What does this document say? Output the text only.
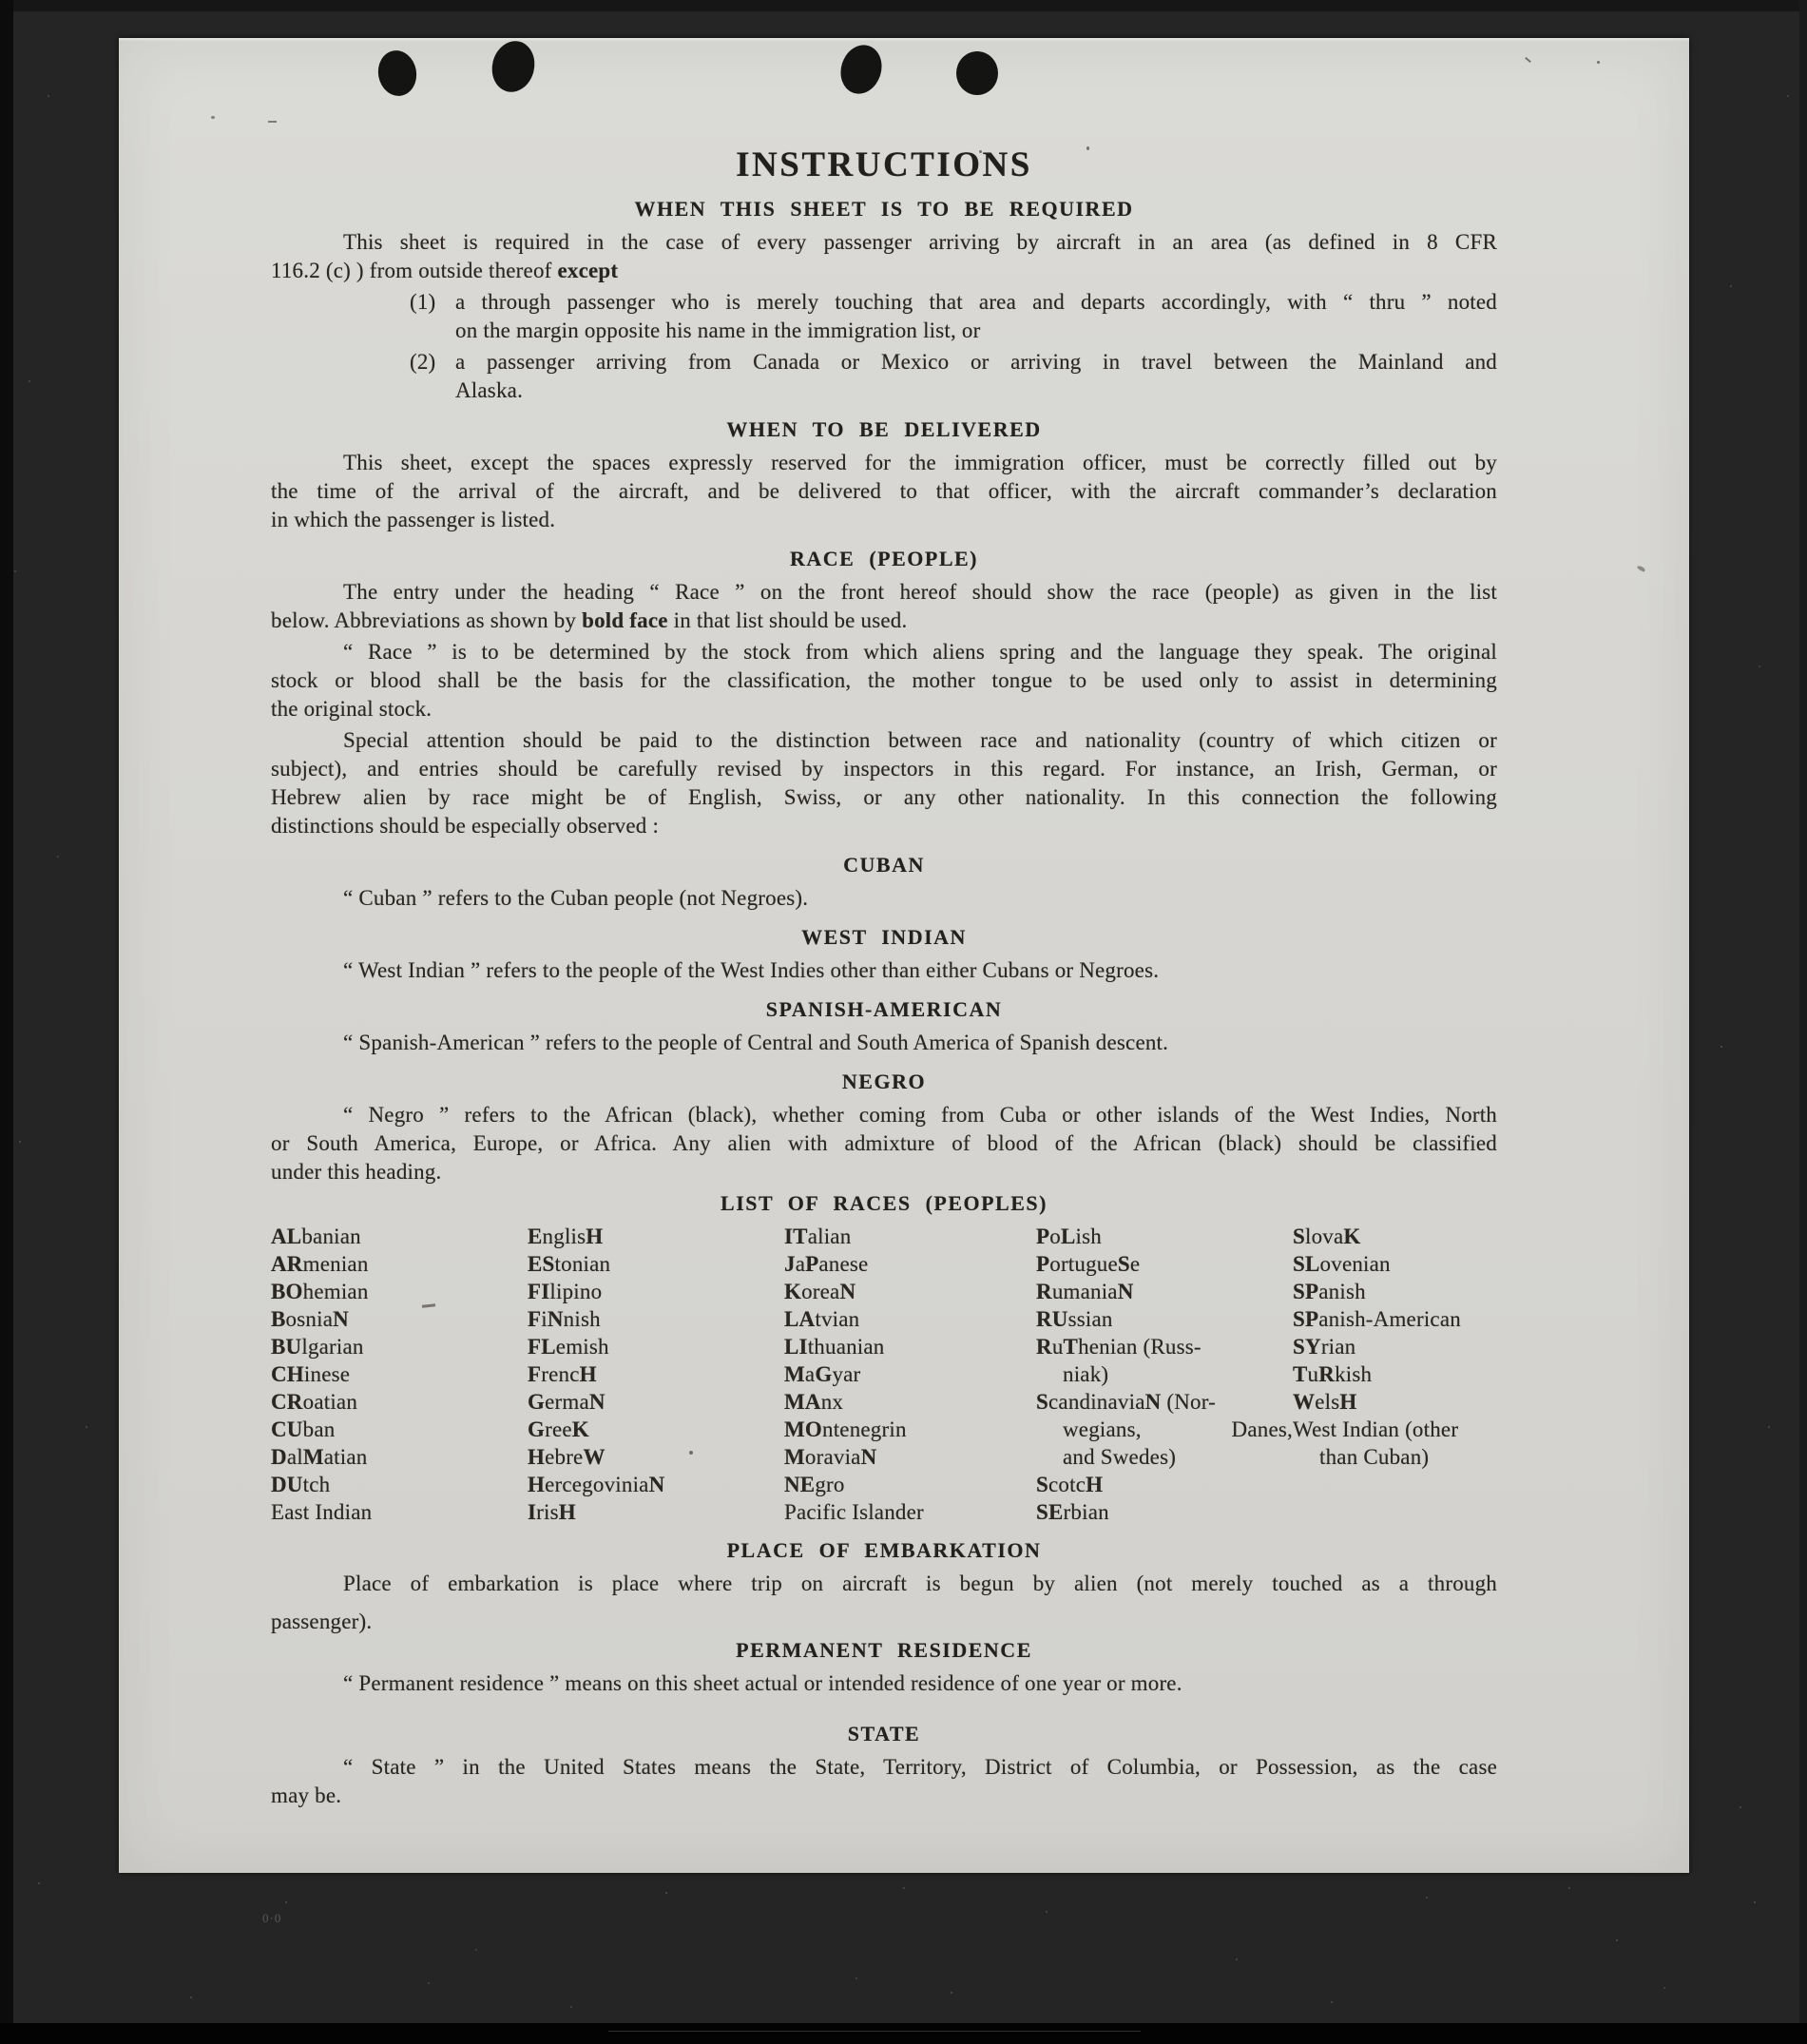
0·0
INSTRUCTIONS
WHEN THIS SHEET IS TO BE REQUIRED
This sheet is required in the case of every passenger arriving by aircraft in an area (as defined in 8 CFR
116.2 (c) ) from outside thereof except
(1) a through passenger who is merely touching that area and departs accordingly, with “ thru ” noted
on the margin opposite his name in the immigration list, or
(2) a passenger arriving from Canada or Mexico or arriving in travel between the Mainland and
Alaska.
WHEN TO BE DELIVERED
This sheet, except the spaces expressly reserved for the immigration officer, must be correctly filled out by
the time of the arrival of the aircraft, and be delivered to that officer, with the aircraft commander’s declaration
in which the passenger is listed.
RACE (PEOPLE)
The entry under the heading “ Race ” on the front hereof should show the race (people) as given in the list
below. Abbreviations as shown by bold face in that list should be used.
“ Race ” is to be determined by the stock from which aliens spring and the language they speak. The original
stock or blood shall be the basis for the classification, the mother tongue to be used only to assist in determining
the original stock.
Special attention should be paid to the distinction between race and nationality (country of which citizen or
subject), and entries should be carefully revised by inspectors in this regard. For instance, an Irish, German, or
Hebrew alien by race might be of English, Swiss, or any other nationality. In this connection the following
distinctions should be especially observed :
CUBAN
“ Cuban ” refers to the Cuban people (not Negroes).
WEST INDIAN
“ West Indian ” refers to the people of the West Indies other than either Cubans or Negroes.
SPANISH-AMERICAN
“ Spanish-American ” refers to the people of Central and South America of Spanish descent.
NEGRO
“ Negro ” refers to the African (black), whether coming from Cuba or other islands of the West Indies, North
or South America, Europe, or Africa. Any alien with admixture of blood of the African (black) should be classified
under this heading.
LIST OF RACES (PEOPLES)
ALbanian
ARmenian
BOhemian
BosniaN
BUlgarian
CHinese
CRoatian
CUban
DalMatian
DUtch
East Indian
EnglisH
EStonian
FIlipino
FiNnish
FLemish
FrencH
GermaN
GreeK
HebreW
HercegoviniaN
IrisH
ITalian
JaPanese
KoreaN
LAtvian
LIthuanian
MaGyar
MAnx
MOntenegrin
MoraviaN
NEgro
Pacific Islander
PoLish
PortugueSe
RumaniaN
RUssian
RuThenian (Russ-
niak)
ScandinaviaN (Nor-
wegians, Danes,
and Swedes)
ScotcH
SErbian
SlovaK
SLovenian
SPanish
SPanish-American
SYrian
TuRkish
WelsH
West Indian (other
than Cuban)
PLACE OF EMBARKATION
Place of embarkation is place where trip on aircraft is begun by alien (not merely touched as a through
passenger).
PERMANENT RESIDENCE
“ Permanent residence ” means on this sheet actual or intended residence of one year or more.
STATE
“ State ” in the United States means the State, Territory, District of Columbia, or Possession, as the case
may be.
